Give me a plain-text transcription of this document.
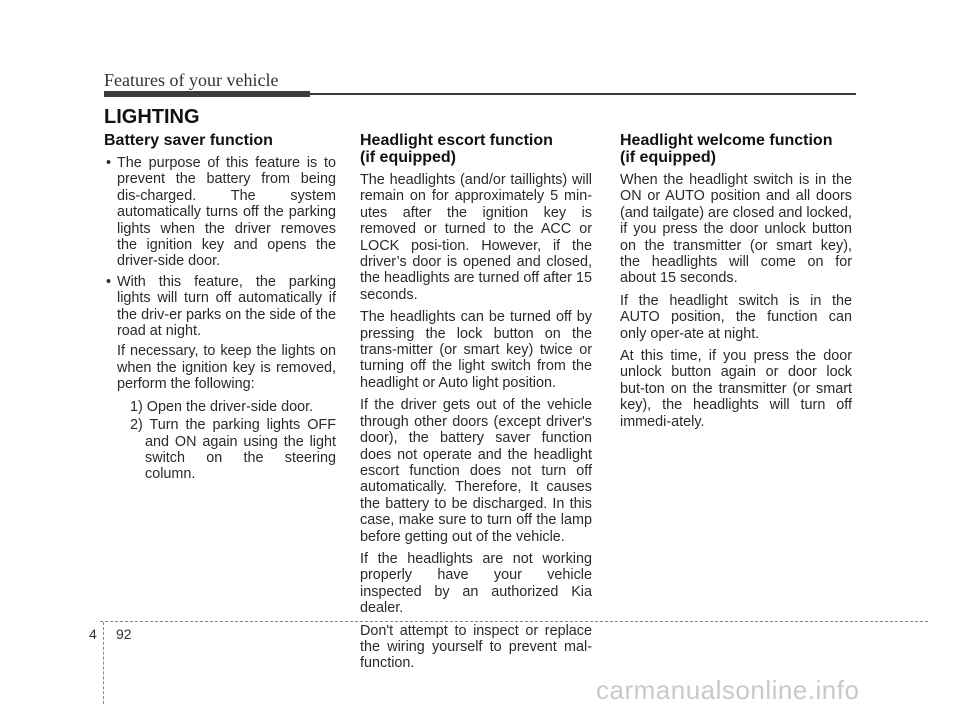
Features of your vehicle
LIGHTING
Battery saver function
• The purpose of this feature is to prevent the battery from being dis-charged. The system automatically turns off the parking lights when the driver removes the ignition key and opens the driver-side door.
• With this feature, the parking lights will turn off automatically if the driv-er parks on the side of the road at night.
If necessary, to keep the lights on when the ignition key is removed, perform the following:
1) Open the driver-side door.
2) Turn the parking lights OFF and ON again using the light switch on the steering column.
Headlight escort function
(if equipped)

The headlights (and/or taillights) will remain on for approximately 5 min-utes after the ignition key is removed or turned to the ACC or LOCK posi-tion. However, if the driver’s door is opened and closed, the headlights are turned off after 15 seconds.

The headlights can be turned off by pressing the lock button on the trans-mitter (or smart key) twice or turning off the light switch from the headlight or Auto light position.

If the driver gets out of the vehicle through other doors (except driver's door), the battery saver function does not operate and the headlight escort function does not turn off automatically. Therefore, It causes the battery to be discharged. In this case, make sure to turn off the lamp before getting out of the vehicle.

If the headlights are not working properly have your vehicle inspected by an authorized Kia dealer.

Don't attempt to inspect or replace the wiring yourself to prevent mal-function.

Headlight welcome function
(if equipped)

When the headlight switch is in the ON or AUTO position and all doors (and tailgate) are closed and locked, if you press the door unlock button on the transmitter (or smart key), the headlights will come on for about 15 seconds.

If the headlight switch is in the AUTO position, the function can only oper-ate at night.

At this time, if you press the door unlock button again or door lock but-ton on the transmitter (or smart key), the headlights will turn off immedi-ately.

4 92
carmanualsonline.info
